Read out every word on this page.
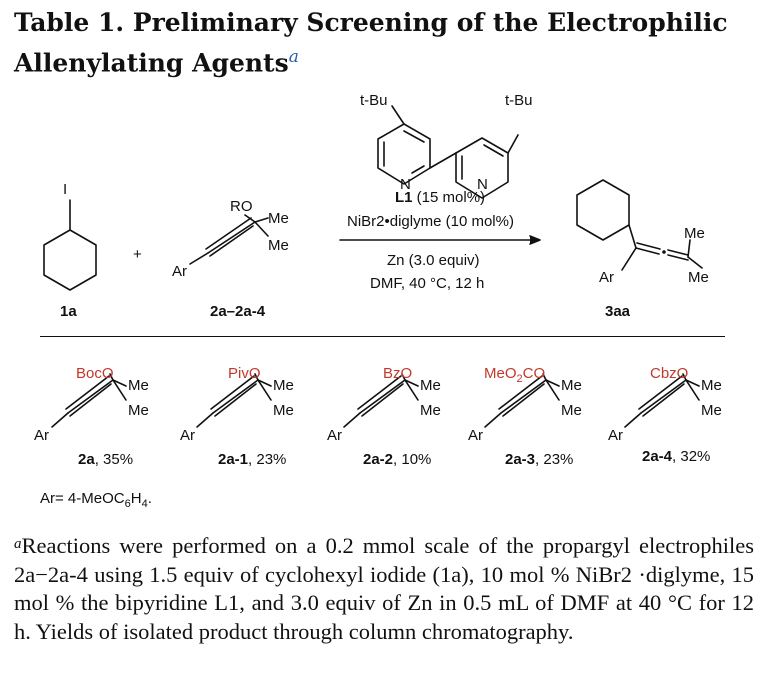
Table 1. Preliminary Screening of the Electrophilic
Allenylating Agents$^a$
t-Bu	t-Bu
N	N
L1 (15 mol%)
NiBr2•diglyme (10 mol%)
Zn (3.0 equiv)
DMF, 40 °C, 12 h
I
1a
+
RO
Me
Me
Ar
2a–2a-4
Me
Me
Ar
3aa
BocO
Me
Me
Ar
2a, 35%
PivO
Me
Me
Ar
2a-1, 23%
BzO
Me
Me
Ar
2a-2, 10%
MeO$_2$CO
Me
Me
Ar
2a-3, 23%
CbzO
Me
Me
Ar
2a-4, 32%
$Ar= 4-MeOC_6H_4$.
$^a$Reactions were performed on a 0.2 mmol scale of the propargyl electrophiles 2a−2a-4 using 1.5 equiv of cyclohexyl iodide (1a), 10 mol % NiBr2 ·diglyme, 15 mol % the bipyridine L1, and 3.0 equiv of Zn in 0.5 mL of DMF at 40 °C for 12 h. Yields of isolated product through column chromatography.
